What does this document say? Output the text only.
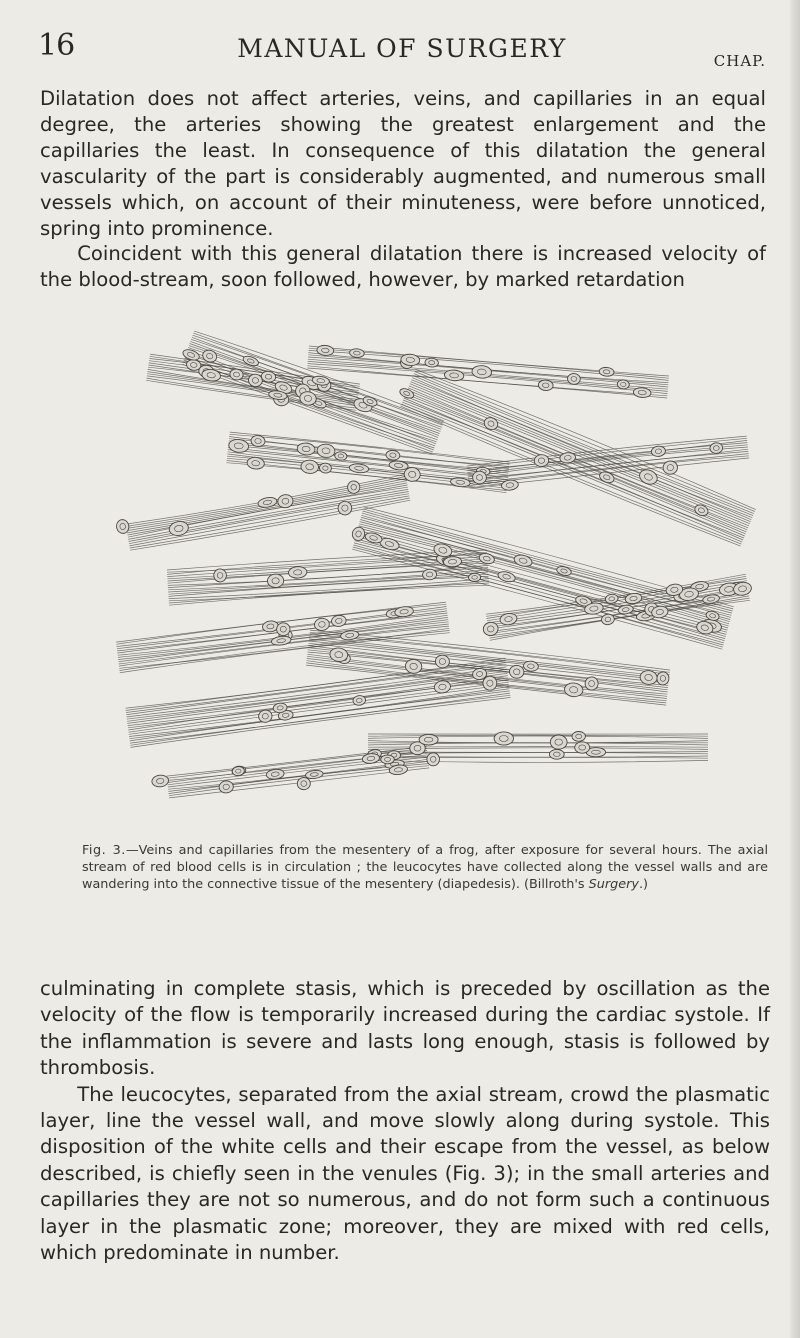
16	MANUAL OF SURGERY	CHAP.

Dilatation does not affect arteries, veins, and capillaries in an equal degree, the arteries showing the greatest enlargement and the capillaries the least. In consequence of this dilatation the general vascularity of the part is considerably augmented, and numerous small vessels which, on account of their minuteness, were before unnoticed, spring into prominence.

Coincident with this general dilatation there is increased velocity of the blood-stream, soon followed, however, by marked retardation

Fig. 3.—Veins and capillaries from the mesentery of a frog, after exposure for several hours. The axial stream of red blood cells is in circulation ; the leucocytes have collected along the vessel walls and are wandering into the connective tissue of the mesentery (diapedesis). (Billroth's Surgery.)

culminating in complete stasis, which is preceded by oscillation as the velocity of the flow is temporarily increased during the cardiac systole. If the inflammation is severe and lasts long enough, stasis is followed by thrombosis.

The leucocytes, separated from the axial stream, crowd the plasmatic layer, line the vessel wall, and move slowly along during systole. This disposition of the white cells and their escape from the vessel, as below described, is chiefly seen in the venules (Fig. 3); in the small arteries and capillaries they are not so numerous, and do not form such a continuous layer in the plasmatic zone; moreover, they are mixed with red cells, which predominate in number.
